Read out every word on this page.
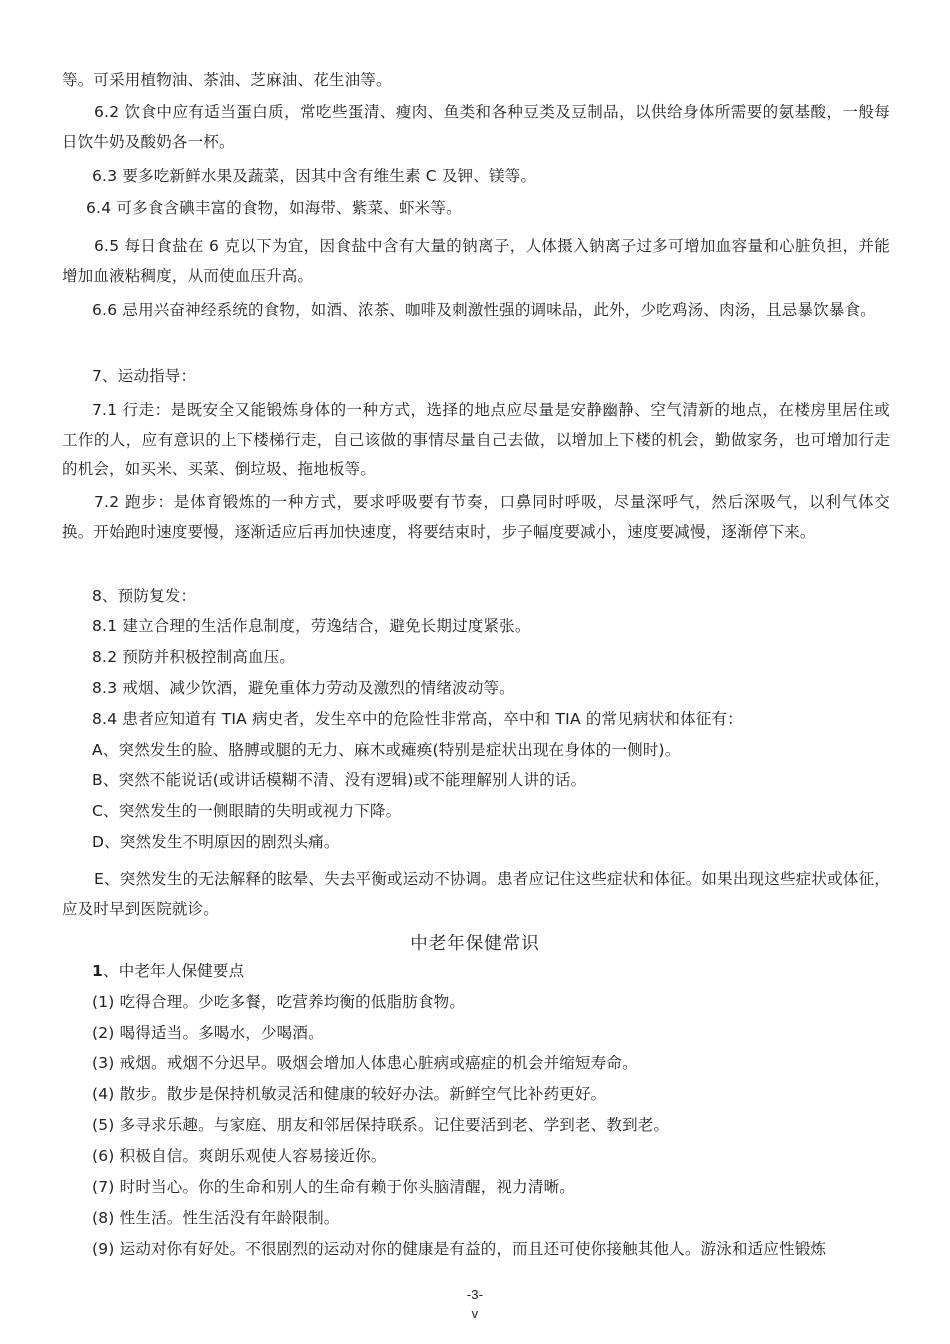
等。可采用植物油、茶油、芝麻油、花生油等。

6.2 饮食中应有适当蛋白质，常吃些蛋清、瘦肉、鱼类和各种豆类及豆制品，以供给身体所需要的氨基酸，一般每日饮牛奶及酸奶各一杯。

6.3 要多吃新鲜水果及蔬菜，因其中含有维生素 C 及钾、镁等。

6.4 可多食含碘丰富的食物，如海带、紫菜、虾米等。

6.5 每日食盐在 6 克以下为宜，因食盐中含有大量的钠离子，人体摄入钠离子过多可增加血容量和心脏负担，并能增加血液粘稠度，从而使血压升高。

6.6 忌用兴奋神经系统的食物，如酒、浓茶、咖啡及刺激性强的调味品，此外，少吃鸡汤、肉汤，且忌暴饮暴食。

7、运动指导：

7.1 行走：是既安全又能锻炼身体的一种方式，选择的地点应尽量是安静幽静、空气清新的地点，在楼房里居住或工作的人，应有意识的上下楼梯行走，自己该做的事情尽量自己去做，以增加上下楼的机会，勤做家务，也可增加行走的机会，如买米、买菜、倒垃圾、拖地板等。

7.2 跑步：是体育锻炼的一种方式，要求呼吸要有节奏，口鼻同时呼吸，尽量深呼气，然后深吸气，以利气体交换。开始跑时速度要慢，逐渐适应后再加快速度，将要结束时，步子幅度要减小，速度要减慢，逐渐停下来。

8、预防复发：

8.1 建立合理的生活作息制度，劳逸结合，避免长期过度紧张。

8.2 预防并积极控制高血压。

8.3 戒烟、减少饮酒，避免重体力劳动及激烈的情绪波动等。

8.4 患者应知道有 TIA 病史者，发生卒中的危险性非常高，卒中和 TIA 的常见病状和体征有：

A、突然发生的脸、胳膊或腿的无力、麻木或瘫痪(特别是症状出现在身体的一侧时)。

B、突然不能说话(或讲话模糊不清、没有逻辑)或不能理解别人讲的话。

C、突然发生的一侧眼睛的失明或视力下降。

D、突然发生不明原因的剧烈头痛。

E、突然发生的无法解释的眩晕、失去平衡或运动不协调。患者应记住这些症状和体征。如果出现这些症状或体征，应及时早到医院就诊。

中老年保健常识

1、中老年人保健要点

(1) 吃得合理。少吃多餐，吃营养均衡的低脂肪食物。

(2) 喝得适当。多喝水，少喝酒。

(3) 戒烟。戒烟不分迟早。吸烟会增加人体患心脏病或癌症的机会并缩短寿命。

(4) 散步。散步是保持机敏灵活和健康的较好办法。新鲜空气比补药更好。

(5) 多寻求乐趣。与家庭、朋友和邻居保持联系。记住要活到老、学到老、教到老。

(6) 积极自信。爽朗乐观使人容易接近你。

(7) 时时当心。你的生命和别人的生命有赖于你头脑清醒，视力清晰。

(8) 性生活。性生活没有年龄限制。

(9) 运动对你有好处。不很剧烈的运动对你的健康是有益的，而且还可使你接触其他人。游泳和适应性锻炼

-3-
v
